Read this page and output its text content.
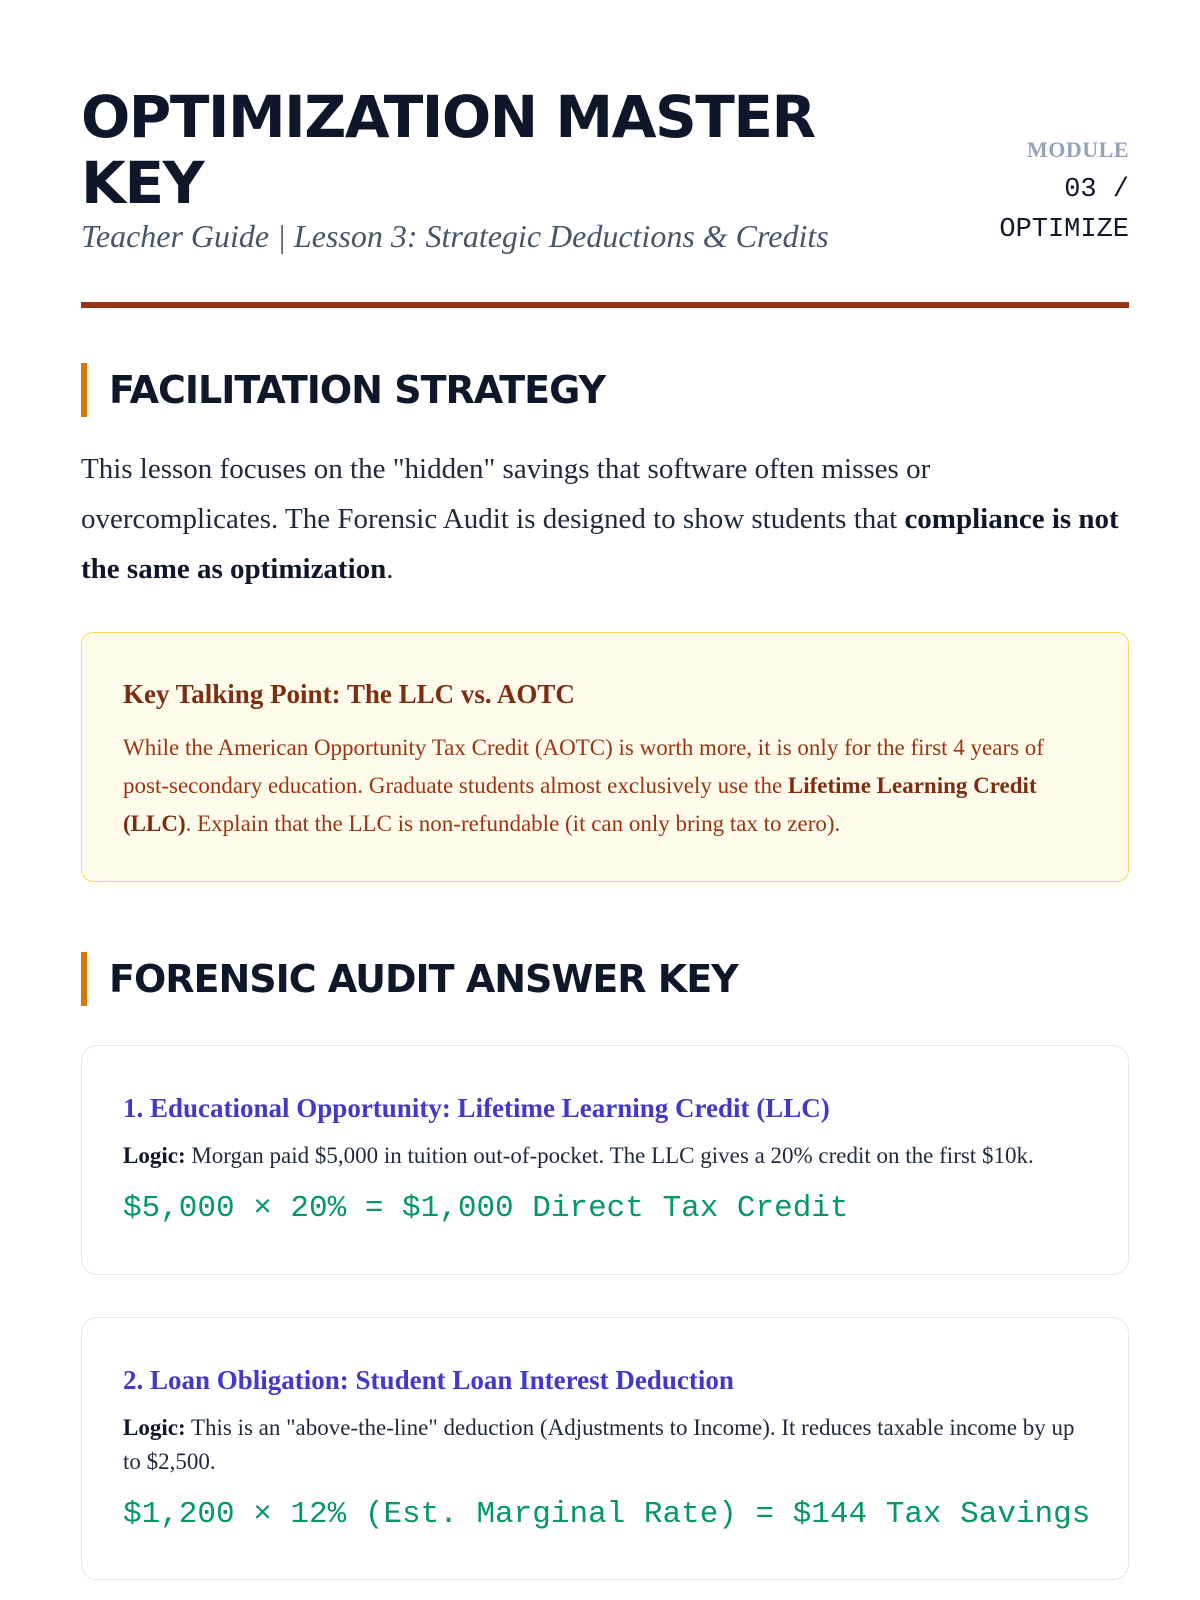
OPTIMIZATION MASTER KEY
Teacher Guide | Lesson 3: Strategic Deductions & Credits
MODULE
03 / OPTIMIZE
FACILITATION STRATEGY

This lesson focuses on the "hidden" savings that software often misses or overcomplicates. The Forensic Audit is designed to show students that compliance is not the same as optimization.

Key Talking Point: The LLC vs. AOTC

While the American Opportunity Tax Credit (AOTC) is worth more, it is only for the first 4 years of post-secondary education. Graduate students almost exclusively use the Lifetime Learning Credit (LLC). Explain that the LLC is non-refundable (it can only bring tax to zero).

FORENSIC AUDIT ANSWER KEY
1. Educational Opportunity: Lifetime Learning Credit (LLC)

Logic: Morgan paid $5,000 in tuition out-of-pocket. The LLC gives a 20% credit on the first $10k.

$5,000 × 20% = $1,000 Direct Tax Credit
2. Loan Obligation: Student Loan Interest Deduction

Logic: This is an "above-the-line" deduction (Adjustments to Income). It reduces taxable income by up to $2,500.

$1,200 × 12% (Est. Marginal Rate) = $144 Tax Savings
